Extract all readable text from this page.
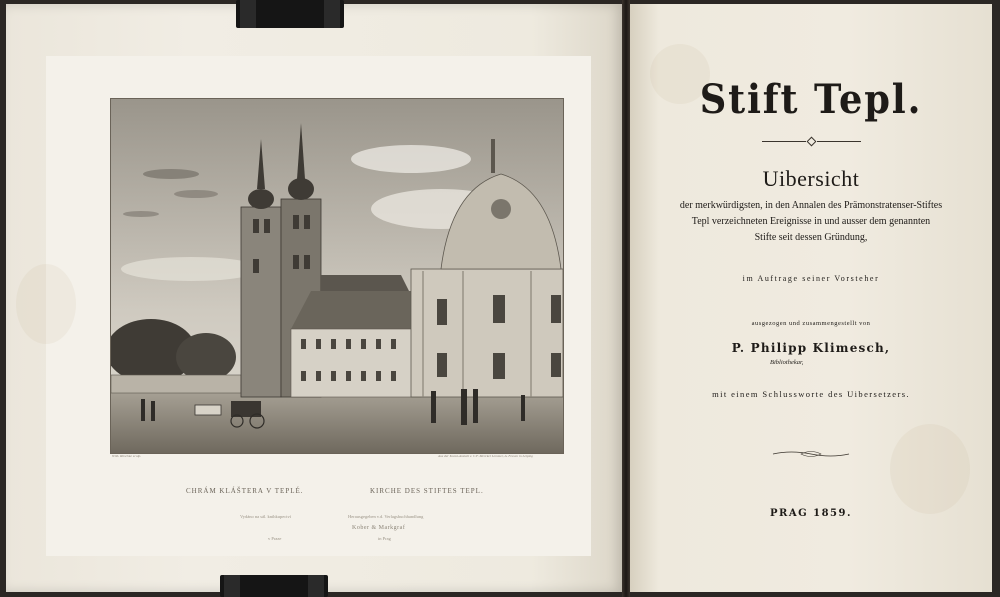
Wilh. Ritschke sculp.	Aus der Kunst-Anstalt v. C.F. Merckel Lemmer, A. Fessen in Leipzig
CHRÁM KLÁŠTERA V TEPLÉ.	KIRCHE DES STIFTES TEPL.
Vydáno na sál. knihkupectví	Herausgegeben v.d. Verlagsbuchhandlung
Kober & Markgraf
v Praze	in Prag
Stift Tepl.
Uibersicht
der merkwürdigsten, in den Annalen des Prämonstratenser-Stiftes
Tepl verzeichneten Ereignisse in und ausser dem genannten
Stifte seit dessen Gründung,
im Auftrage seiner Vorsteher
ausgezogen und zusammengestellt von
P. Philipp Klimesch,
Bibliothekar,
mit einem Schlussworte des Uibersetzers.
PRAG 1859.
